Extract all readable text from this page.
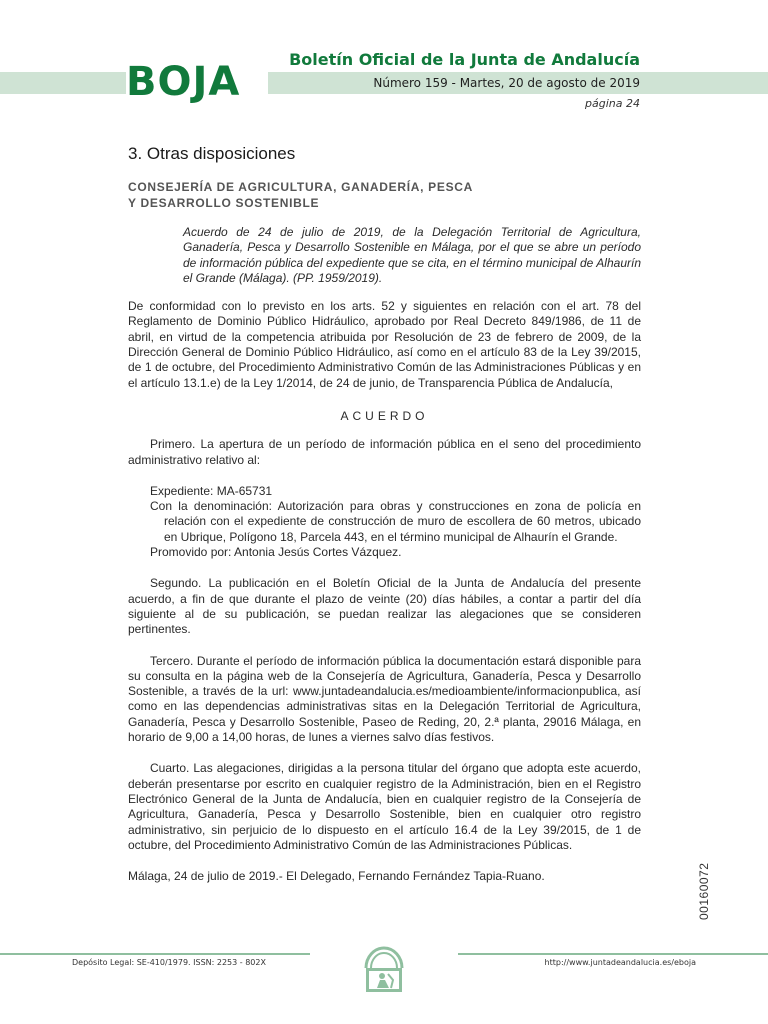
BOJA	Boletín Oficial de la Junta de Andalucía
Número 159 - Martes, 20 de agosto de 2019
página 24
3. Otras disposiciones
CONSEJERÍA DE AGRICULTURA, GANADERÍA, PESCA
Y DESARROLLO SOSTENIBLE

Acuerdo de 24 de julio de 2019, de la Delegación Territorial de Agricultura, Ganadería, Pesca y Desarrollo Sostenible en Málaga, por el que se abre un período de información pública del expediente que se cita, en el término municipal de Alhaurín el Grande (Málaga). (PP. 1959/2019).

De conformidad con lo previsto en los arts. 52 y siguientes en relación con el art. 78 del Reglamento de Dominio Público Hidráulico, aprobado por Real Decreto 849/1986, de 11 de abril, en virtud de la competencia atribuida por Resolución de 23 de febrero de 2009, de la Dirección General de Dominio Público Hidráulico, así como en el artículo 83 de la Ley 39/2015, de 1 de octubre, del Procedimiento Administrativo Común de las Administraciones Públicas y en el artículo 13.1.e) de la Ley 1/2014, de 24 de junio, de Transparencia Pública de Andalucía,

ACUERDO

Primero. La apertura de un período de información pública en el seno del procedimiento administrativo relativo al:

Expediente: MA-65731
Con la denominación: Autorización para obras y construcciones en zona de policía en relación con el expediente de construcción de muro de escollera de 60 metros, ubicado en Ubrique, Polígono 18, Parcela 443, en el término municipal de Alhaurín el Grande.
Promovido por: Antonia Jesús Cortes Vázquez.

Segundo. La publicación en el Boletín Oficial de la Junta de Andalucía del presente acuerdo, a fin de que durante el plazo de veinte (20) días hábiles, a contar a partir del día siguiente al de su publicación, se puedan realizar las alegaciones que se consideren pertinentes.

Tercero. Durante el período de información pública la documentación estará disponible para su consulta en la página web de la Consejería de Agricultura, Ganadería, Pesca y Desarrollo Sostenible, a través de la url: www.juntadeandalucia.es/medioambiente/informacionpublica, así como en las dependencias administrativas sitas en la Delegación Territorial de Agricultura, Ganadería, Pesca y Desarrollo Sostenible, Paseo de Reding, 20, 2.ª planta, 29016 Málaga, en horario de 9,00 a 14,00 horas, de lunes a viernes salvo días festivos.

Cuarto. Las alegaciones, dirigidas a la persona titular del órgano que adopta este acuerdo, deberán presentarse por escrito en cualquier registro de la Administración, bien en el Registro Electrónico General de la Junta de Andalucía, bien en cualquier registro de la Consejería de Agricultura, Ganadería, Pesca y Desarrollo Sostenible, bien en cualquier otro registro administrativo, sin perjuicio de lo dispuesto en el artículo 16.4 de la Ley 39/2015, de 1 de octubre, del Procedimiento Administrativo Común de las Administraciones Públicas.

Málaga, 24 de julio de 2019.- El Delegado, Fernando Fernández Tapia-Ruano.	00160072
Depósito Legal: SE-410/1979. ISSN: 2253 - 802X	http://www.juntadeandalucia.es/eboja
